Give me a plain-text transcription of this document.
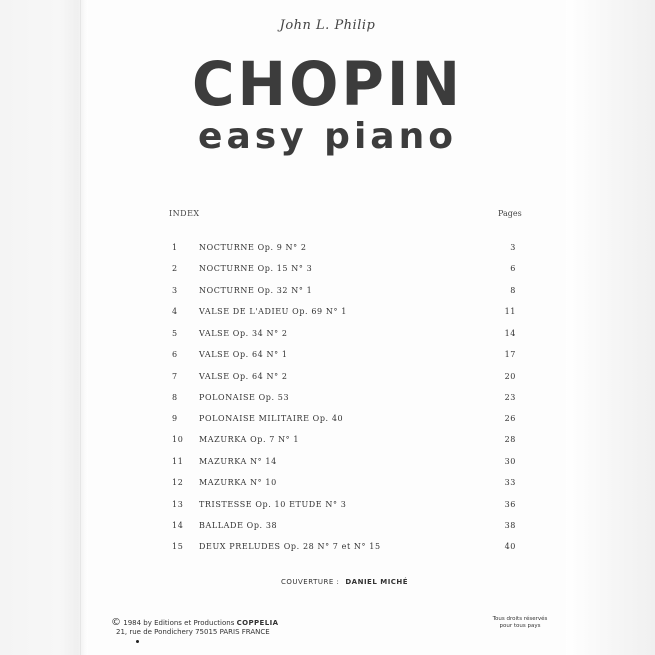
John L. Philip
CHOPIN
easy piano
INDEX	Pages
1	NOCTURNE Op. 9 N° 2	3
2	NOCTURNE Op. 15 N° 3	6
3	NOCTURNE Op. 32 N° 1	8
4	VALSE DE L'ADIEU Op. 69 N° 1	11
5	VALSE Op. 34 N° 2	14
6	VALSE Op. 64 N° 1	17
7	VALSE Op. 64 N° 2	20
8	POLONAISE Op. 53	23
9	POLONAISE MILITAIRE Op. 40	26
10	MAZURKA Op. 7 N° 1	28
11	MAZURKA N° 14	30
12	MAZURKA N° 10	33
13	TRISTESSE Op. 10 ETUDE N° 3	36
14	BALLADE Op. 38	38
15	DEUX PRELUDES Op. 28 N° 7 et N° 15	40
COUVERTURE : DANIEL MICHÉ
© 1984 by Editions et Productions COPPELIA
21, rue de Pondichery 75015 PARIS FRANCE
Tous droits réservés
pour tous pays
